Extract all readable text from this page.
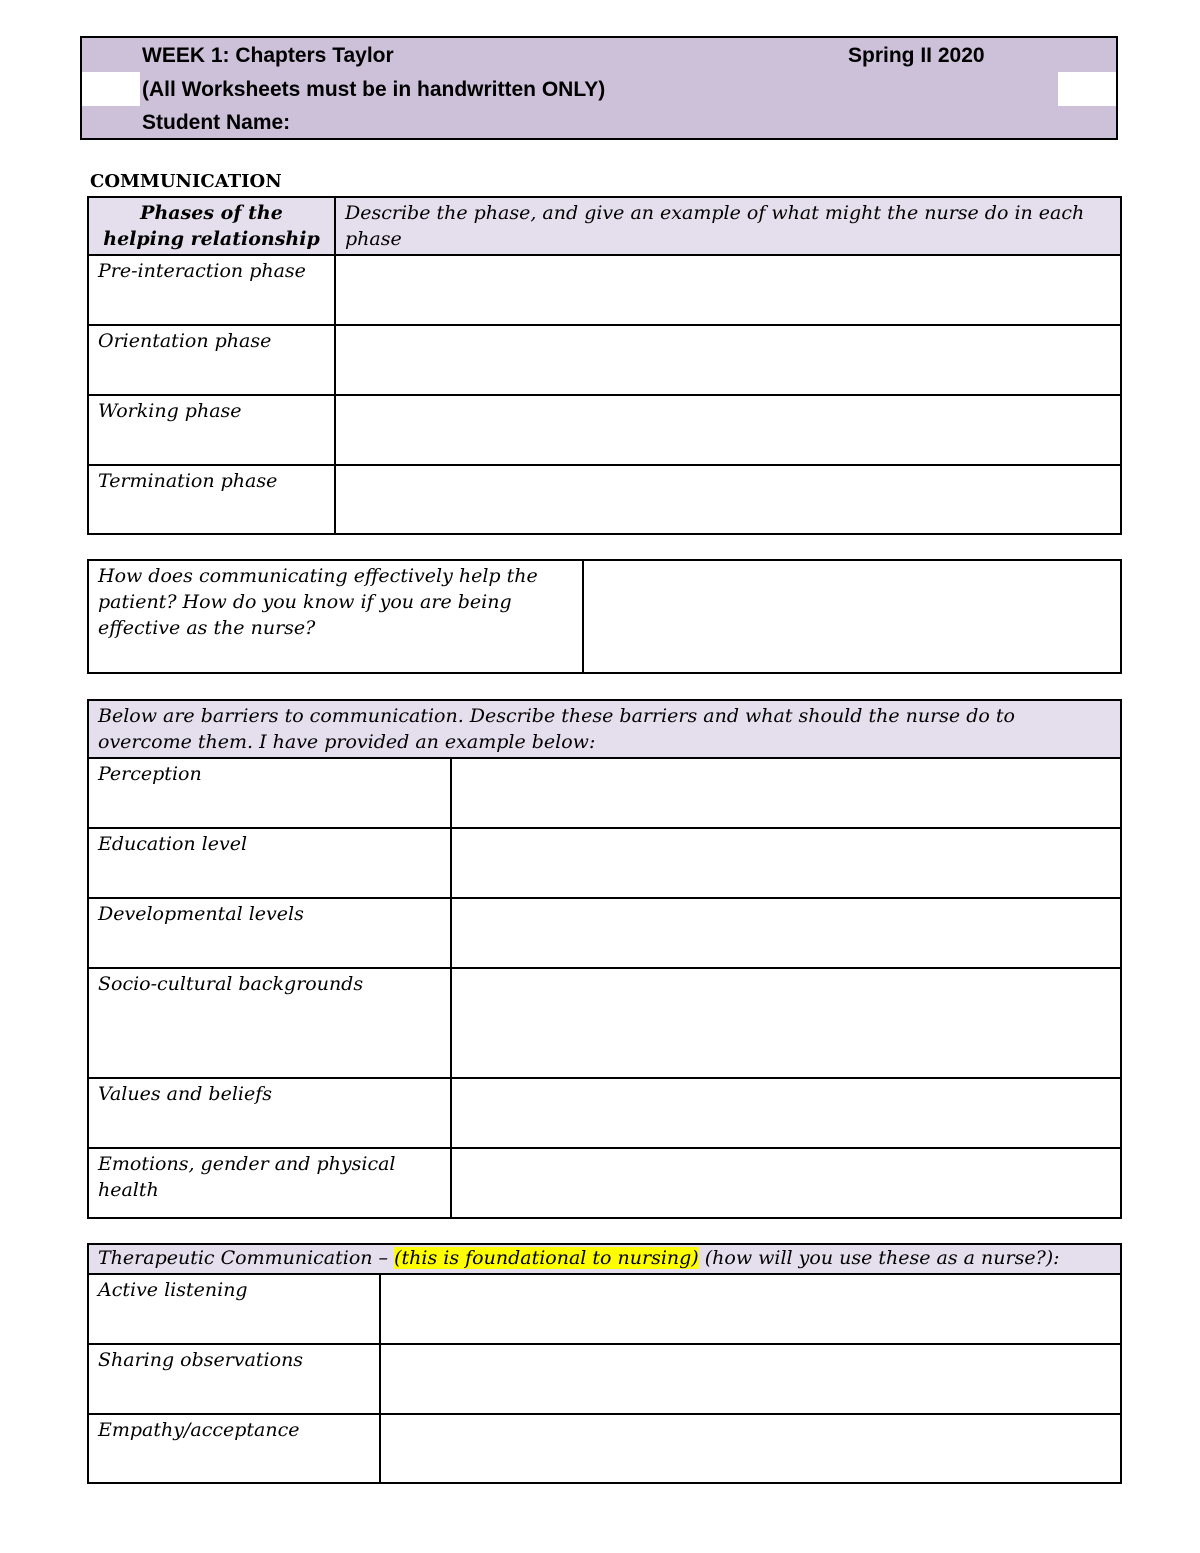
WEEK 1: Chapters Taylor	Spring II 2020
(All Worksheets must be in handwritten ONLY)
Student Name:
COMMUNICATION
Phases of the helping relationship	Describe the phase, and give an example of what might the nurse do in each phase
Pre-interaction phase	
Orientation phase	
Working phase	
Termination phase	
How does communicating effectively help the patient? How do you know if you are being effective as the nurse?	
Below are barriers to communication. Describe these barriers and what should the nurse do to overcome them. I have provided an example below:	
Perception	
Education level	
Developmental levels	
Socio-cultural backgrounds	
Values and beliefs	
Emotions, gender and physical health	
Therapeutic Communication – (this is foundational to nursing) (how will you use these as a nurse?):	
Active listening	
Sharing observations	
Empathy/acceptance	
